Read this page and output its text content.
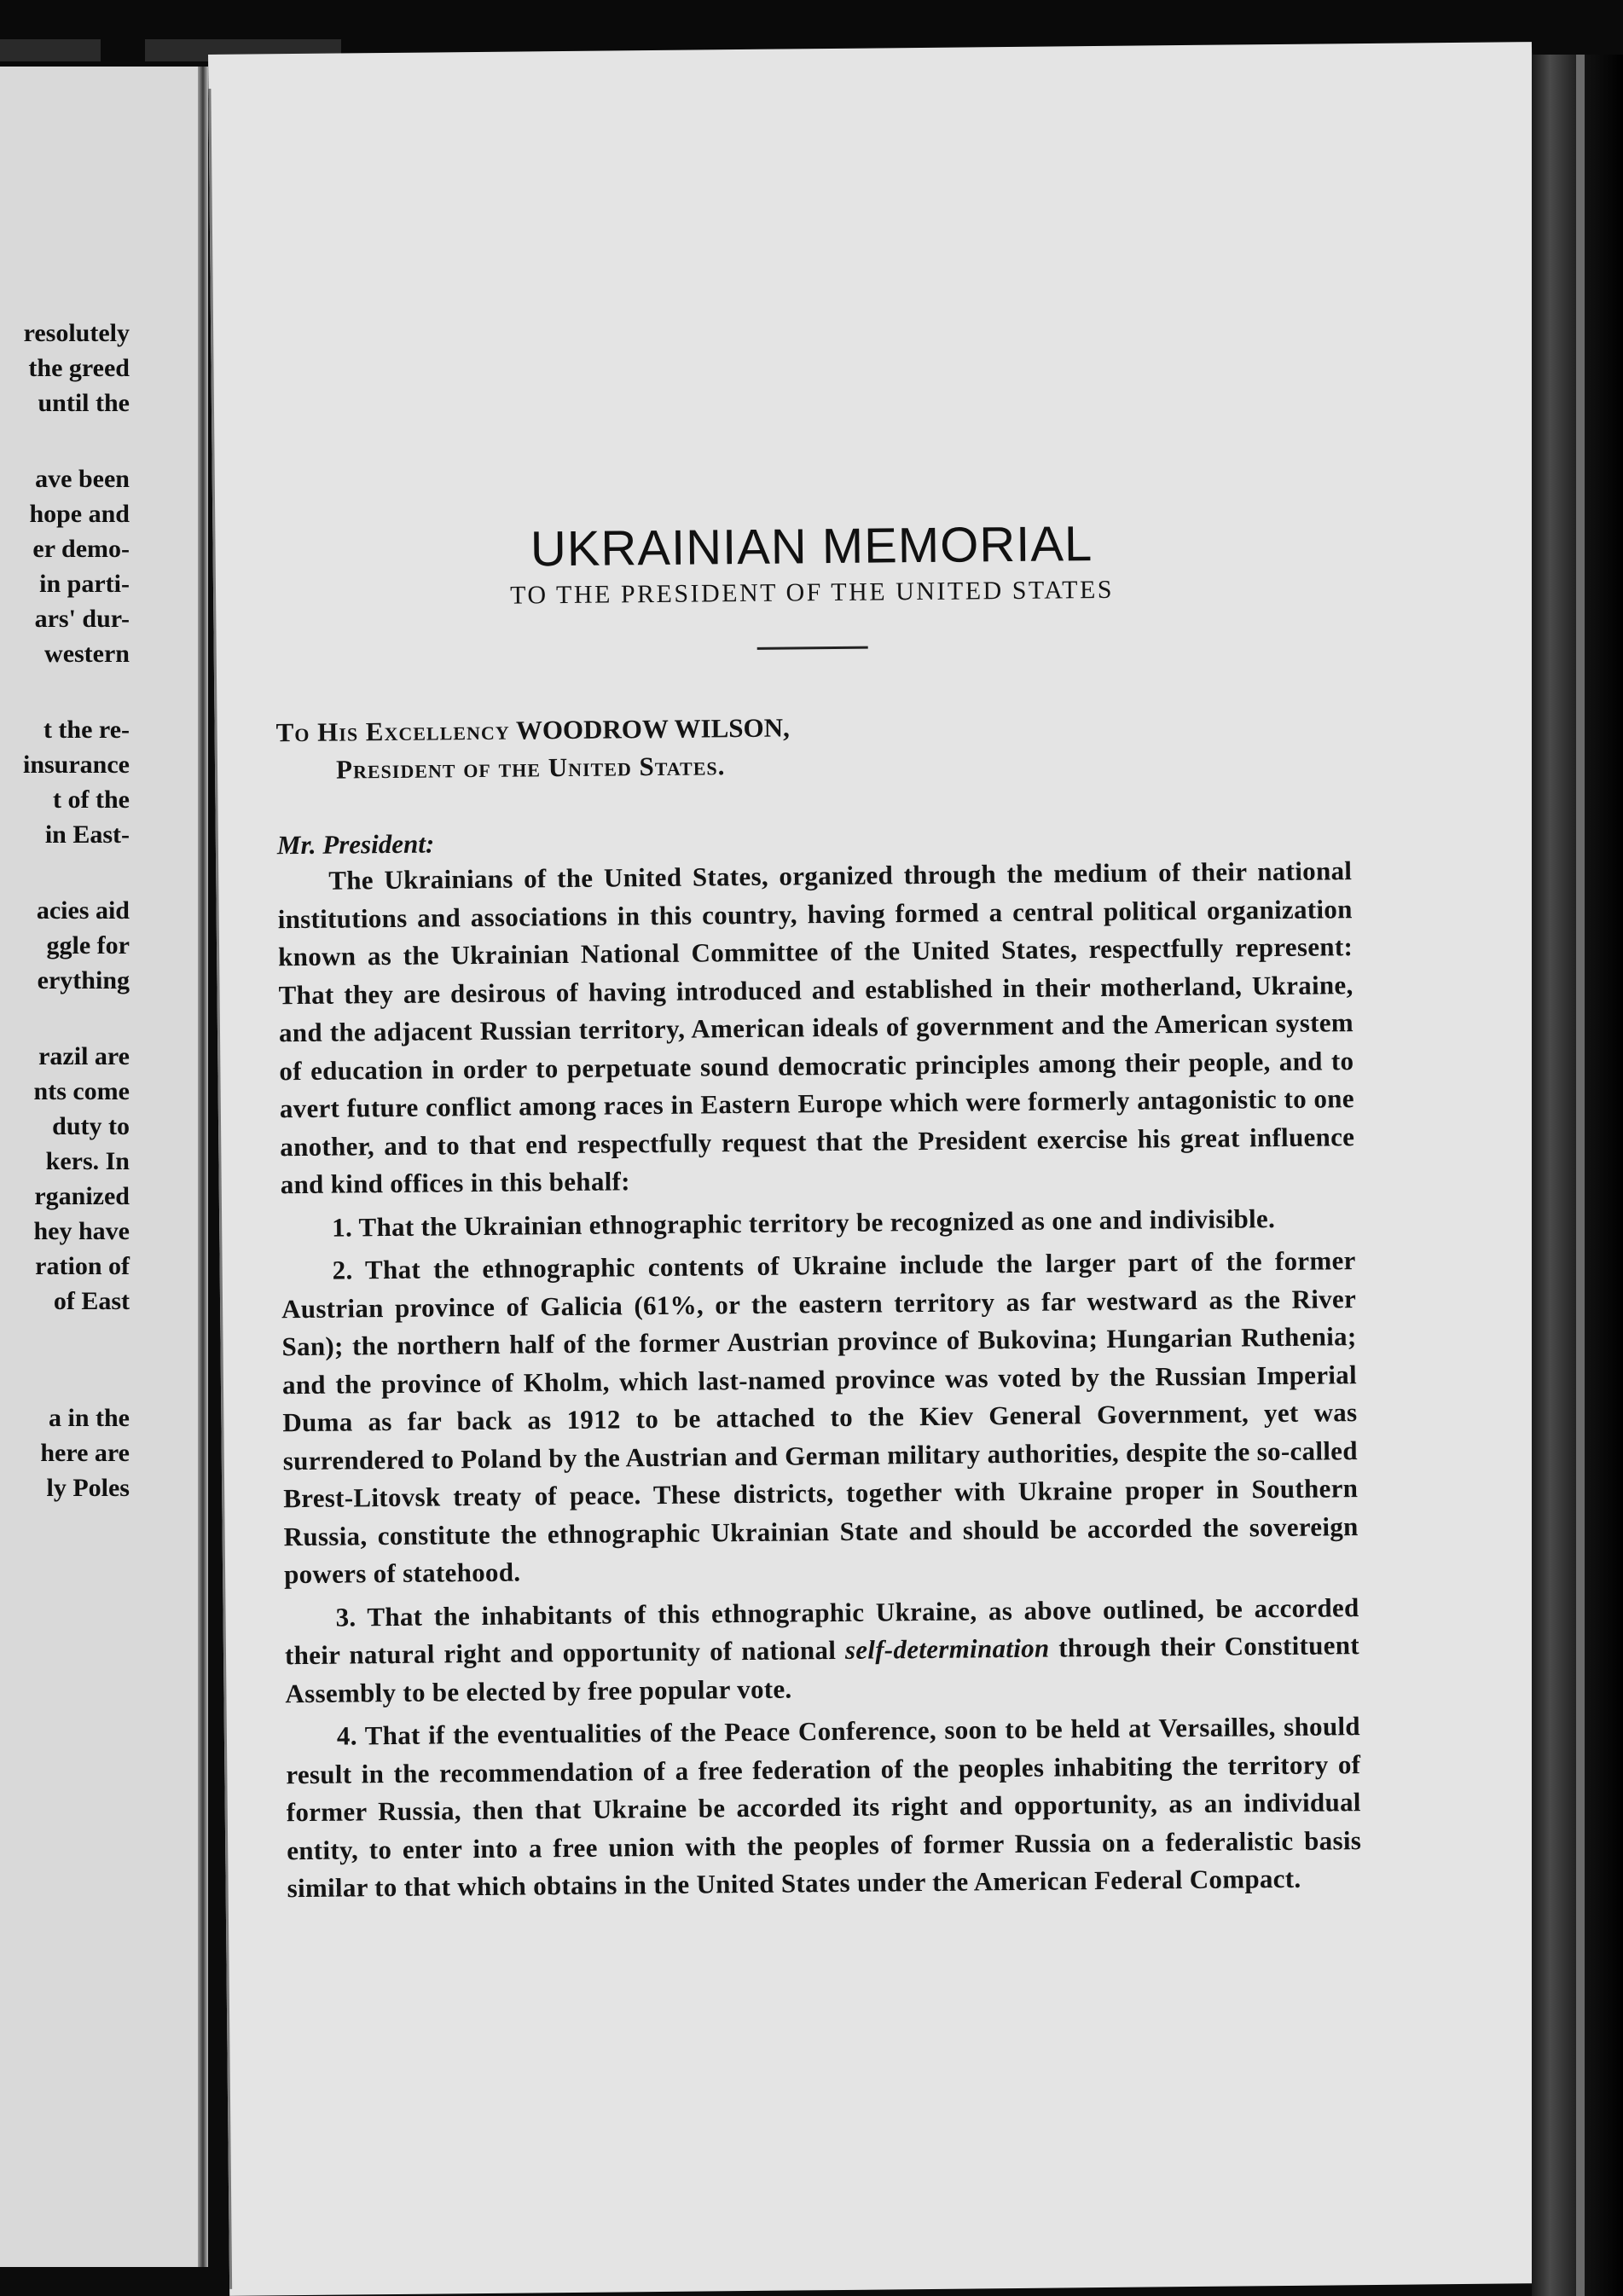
resolutely
the greed
until the
ave been
hope and
er demo-
in parti-
ars' dur-
western
t the re-
insurance
t of the
in East-
acies aid
ggle for
erything
razil are
nts come
duty to
kers. In
rganized
hey have
ration of
of East
a in the
here are
ly Poles
UKRAINIAN MEMORIAL
TO THE PRESIDENT OF THE UNITED STATES
To His Excellency WOODROW WILSON,
President of the United States.
Mr. President:

The Ukrainians of the United States, organized through the medium of their national institutions and associations in this country, having formed a central political organization known as the Ukrainian National Committee of the United States, respectfully represent: That they are desirous of having introduced and established in their motherland, Ukraine, and the adjacent Russian territory, American ideals of government and the American system of education in order to perpetuate sound democratic principles among their people, and to avert future conflict among races in Eastern Europe which were formerly antagonistic to one another, and to that end respectfully request that the President exercise his great influence and kind offices in this behalf:

1. That the Ukrainian ethnographic territory be recognized as one and indivisible.

2. That the ethnographic contents of Ukraine include the larger part of the former Austrian province of Galicia (61%, or the eastern territory as far westward as the River San); the northern half of the former Austrian province of Bukovina; Hungarian Ruthenia; and the province of Kholm, which last-named province was voted by the Russian Imperial Duma as far back as 1912 to be attached to the Kiev General Government, yet was surrendered to Poland by the Austrian and German military authorities, despite the so-called Brest-Litovsk treaty of peace. These districts, together with Ukraine proper in Southern Russia, constitute the ethnographic Ukrainian State and should be accorded the sovereign powers of statehood.

3. That the inhabitants of this ethnographic Ukraine, as above outlined, be accorded their natural right and opportunity of national self-determination through their Constituent Assembly to be elected by free popular vote.

4. That if the eventualities of the Peace Conference, soon to be held at Versailles, should result in the recommendation of a free federation of the peoples inhabiting the territory of former Russia, then that Ukraine be accorded its right and opportunity, as an individual entity, to enter into a free union with the peoples of former Russia on a federalistic basis similar to that which obtains in the United States under the American Federal Compact.
